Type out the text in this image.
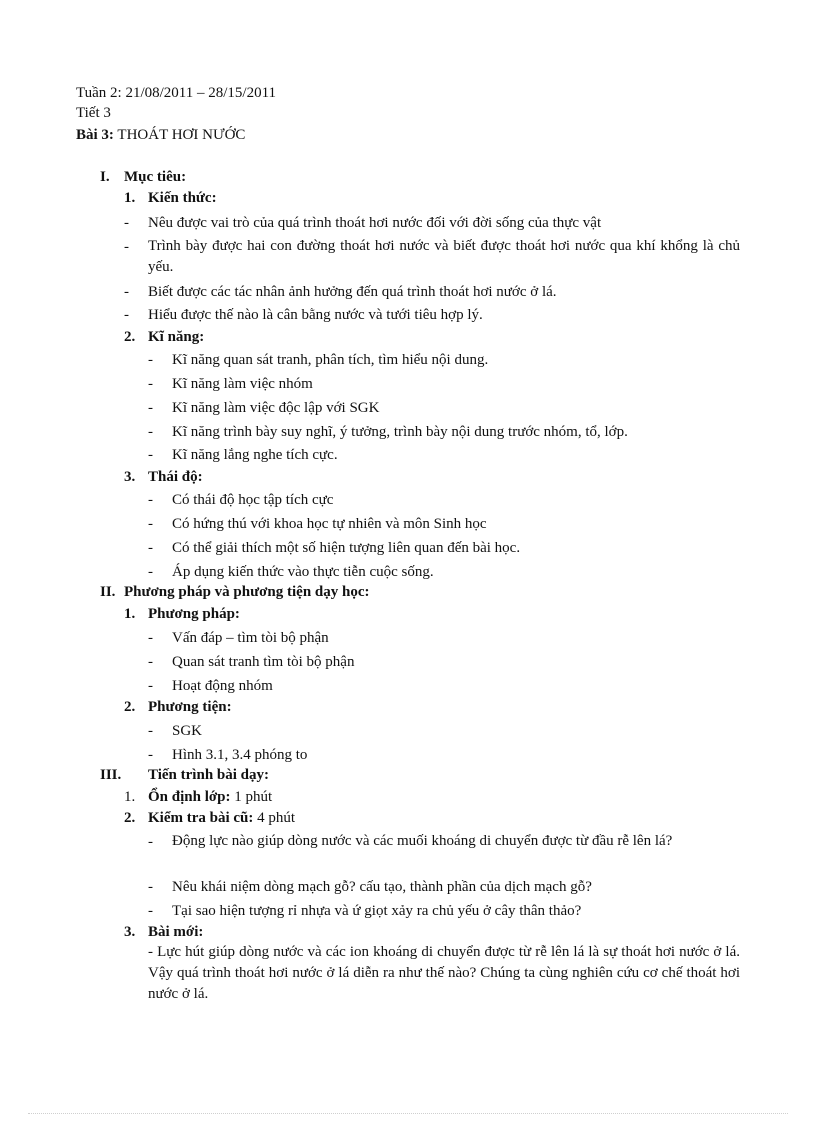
Tuần 2: 21/08/2011 – 28/15/2011
Tiết 3
Bài 3: THOÁT HƠI NƯỚC
I. Mục tiêu:
1. Kiến thức:
- Nêu được vai trò của quá trình thoát hơi nước đối với đời sống của thực vật
- Trình bày được hai con đường thoát hơi nước và biết được thoát hơi nước qua khí khổng là chủ yếu.
- Biết được các tác nhân ảnh hưởng đến quá trình thoát hơi nước ở lá.
- Hiểu được thế nào là cân bằng nước và tưới tiêu hợp lý.
2. Kĩ năng:
- Kĩ năng quan sát tranh, phân tích, tìm hiểu nội dung.
- Kĩ năng làm việc nhóm
- Kĩ năng làm việc độc lập với SGK
- Kĩ năng trình bày suy nghĩ, ý tưởng, trình bày nội dung trước nhóm, tổ, lớp.
- Kĩ năng lắng nghe tích cực.
3. Thái độ:
- Có thái độ học tập tích cực
- Có hứng thú với khoa học tự nhiên và môn Sinh học
- Có thể giải thích một số hiện tượng liên quan đến bài học.
- Áp dụng kiến thức vào thực tiễn cuộc sống.
II. Phương pháp và phương tiện dạy học:
1. Phương pháp:
- Vấn đáp – tìm tòi bộ phận
- Quan sát tranh tìm tòi bộ phận
- Hoạt động nhóm
2. Phương tiện:
- SGK
- Hình 3.1, 3.4 phóng to
III. Tiến trình bài dạy:
1. Ổn định lớp: 1 phút
2. Kiểm tra bài cũ: 4 phút
- Động lực nào giúp dòng nước và các muối khoáng di chuyển được từ đầu rễ lên lá?
- Nêu khái niệm dòng mạch gỗ? cấu tạo, thành phần của dịch mạch gỗ?
- Tại sao hiện tượng rỉ nhựa và ứ giọt xảy ra chủ yếu ở cây thân thảo?
3. Bài mới:
- Lực hút giúp dòng nước và các ion khoáng di chuyển được từ rễ lên lá là sự thoát hơi nước ở lá. Vậy quá trình thoát hơi nước ở lá diễn ra như thế nào? Chúng ta cùng nghiên cứu cơ chế thoát hơi nước ở lá.
